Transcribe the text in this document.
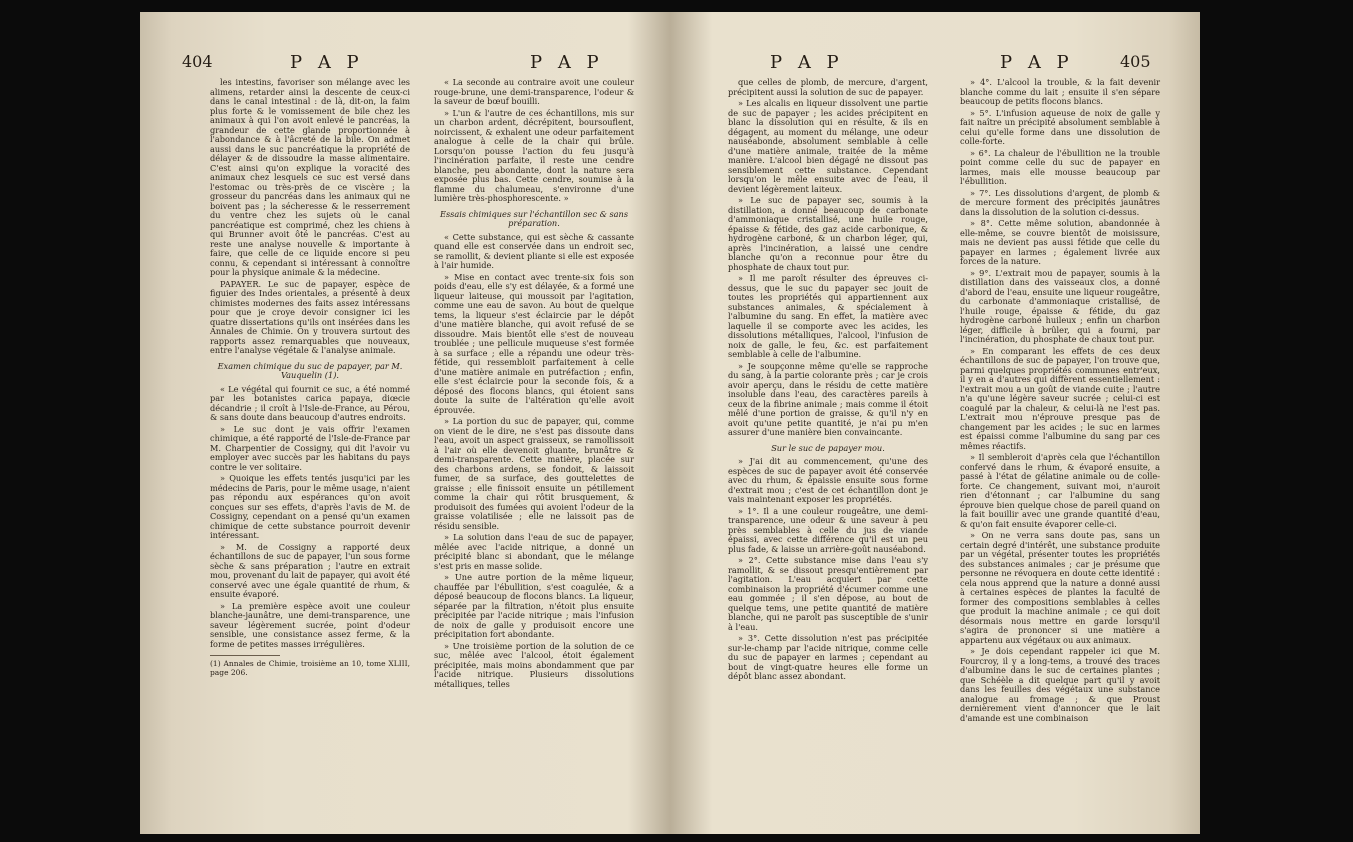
404	P A P	P A P

les intestins, favoriser son mélange avec les alimens, retarder ainsi la descente de ceux-ci dans le canal intestinal : de là, dit-on, la faim plus forte & le vomissement de bile chez les animaux à qui l'on avoit enlevé le pancréas, la grandeur de cette glande proportionnée à l'abondance & à l'âcreté de la bile. On admet aussi dans le suc pancréatique la propriété de délayer & de dissoudre la masse alimentaire. C'est ainsi qu'on explique la voracité des animaux chez lesquels ce suc est versé dans l'estomac ou très-près de ce viscère ; la grosseur du pancréas dans les animaux qui ne boivent pas ; la sécheresse & le resserrement du ventre chez les sujets où le canal pancréatique est comprimé, chez les chiens à qui Brunner avoit ôté le pancréas. C'est au reste une analyse nouvelle & importante à faire, que celle de ce liquide encore si peu connu, & cependant si intéressant à connoître pour la physique animale & la médecine.

PAPAYER. Le suc de papayer, espèce de figuier des Indes orientales, a présenté à deux chimistes modernes des faits assez intéressans pour que je croye devoir consigner ici les quatre dissertations qu'ils ont insérées dans les Annales de Chimie. On y trouvera surtout des rapports assez remarquables que nouveaux, entre l'analyse végétale & l'analyse animale.

Examen chimique du suc de papayer, par M. Vauquelin (1).

« Le végétal qui fournit ce suc, a été nommé par les botanistes carica papaya, diœcie décandrie ; il croît à l'Isle-de-France, au Pérou, & sans doute dans beaucoup d'autres endroits.

» Le suc dont je vais offrir l'examen chimique, a été rapporté de l'Isle-de-France par M. Charpentier de Cossigny, qui dit l'avoir vu employer avec succès par les habitans du pays contre le ver solitaire.

» Quoique les effets tentés jusqu'ici par les médecins de Paris, pour le même usage, n'aient pas répondu aux espérances qu'on avoit conçues sur ses effets, d'après l'avis de M. de Cossigny, cependant on a pensé qu'un examen chimique de cette substance pourroit devenir intéressant.

» M. de Cossigny a rapporté deux échantillons de suc de papayer, l'un sous forme sèche & sans préparation ; l'autre en extrait mou, provenant du lait de papayer, qui avoit été conservé avec une égale quantité de rhum, & ensuite évaporé.

» La première espèce avoit une couleur blanche-jaunâtre, une demi-transparence, une saveur légèrement sucrée, point d'odeur sensible, une consistance assez ferme, & la forme de petites masses irrégulières.

(1) Annales de Chimie, troisième an 10, tome XLIII, page 206.

« La seconde au contraire avoit une couleur rouge-brune, une demi-transparence, l'odeur & la saveur de bœuf bouilli.

» L'un & l'autre de ces échantillons, mis sur un charbon ardent, décrépitent, boursouflent, noircissent, & exhalent une odeur parfaitement analogue à celle de la chair qui brûle. Lorsqu'on pousse l'action du feu jusqu'à l'incinération parfaite, il reste une cendre blanche, peu abondante, dont la nature sera exposée plus bas. Cette cendre, soumise à la flamme du chalumeau, s'environne d'une lumière très-phosphorescente. »

Essais chimiques sur l'échantillon sec & sans préparation.

« Cette substance, qui est sèche & cassante quand elle est conservée dans un endroit sec, se ramollit, & devient pliante si elle est exposée à l'air humide.

» Mise en contact avec trente-six fois son poids d'eau, elle s'y est délayée, & a formé une liqueur laiteuse, qui moussoit par l'agitation, comme une eau de savon. Au bout de quelque tems, la liqueur s'est éclaircie par le dépôt d'une matière blanche, qui avoit refusé de se dissoudre. Mais bientôt elle s'est de nouveau troublée ; une pellicule muqueuse s'est formée à sa surface ; elle a répandu une odeur très-fétide, qui ressembloit parfaitement à celle d'une matière animale en putréfaction ; enfin, elle s'est éclaircie pour la seconde fois, & a déposé des flocons blancs, qui étoient sans doute la suite de l'altération qu'elle avoit éprouvée.

» La portion du suc de papayer, qui, comme on vient de le dire, ne s'est pas dissoute dans l'eau, avoit un aspect graisseux, se ramollissoit à l'air où elle devenoit gluante, brunâtre & demi-transparente. Cette matière, placée sur des charbons ardens, se fondoit, & laissoit fumer, de sa surface, des gouttelettes de graisse ; elle finissoit ensuite un pétillement comme la chair qui rôtit brusquement, & produisoit des fumées qui avoient l'odeur de la graisse volatilisée ; elle ne laissoit pas de résidu sensible.

» La solution dans l'eau de suc de papayer, mêlée avec l'acide nitrique, a donné un précipité blanc si abondant, que le mélange s'est pris en masse solide.

» Une autre portion de la même liqueur, chauffée par l'ébullition, s'est coagulée, & a déposé beaucoup de flocons blancs. La liqueur, séparée par la filtration, n'étoit plus ensuite précipitée par l'acide nitrique ; mais l'infusion de noix de galle y produisoit encore une précipitation fort abondante.

» Une troisième portion de la solution de ce suc, mêlée avec l'alcool, étoit également précipitée, mais moins abondamment que par l'acide nitrique. Plusieurs dissolutions métalliques, telles

P A P	P A P	405

que celles de plomb, de mercure, d'argent, précipitent aussi la solution de suc de papayer.

» Les alcalis en liqueur dissolvent une partie de suc de papayer ; les acides précipitent en blanc la dissolution qui en résulte, & ils en dégagent, au moment du mélange, une odeur nauséabonde, absolument semblable à celle d'une matière animale, traitée de la même manière. L'alcool bien dégagé ne dissout pas sensiblement cette substance. Cependant lorsqu'on le mêle ensuite avec de l'eau, il devient légèrement laiteux.

» Le suc de papayer sec, soumis à la distillation, a donné beaucoup de carbonate d'ammoniaque cristallisé, une huile rouge, épaisse & fétide, des gaz acide carbonique, & hydrogène carboné, & un charbon léger, qui, après l'incinération, a laissé une cendre blanche qu'on a reconnue pour être du phosphate de chaux tout pur.

» Il me paroît résulter des épreuves ci-dessus, que le suc du papayer sec jouit de toutes les propriétés qui appartiennent aux substances animales, & spécialement à l'albumine du sang. En effet, la matière avec laquelle il se comporte avec les acides, les dissolutions métalliques, l'alcool, l'infusion de noix de galle, le feu, &c. est parfaitement semblable à celle de l'albumine.

» Je soupçonne même qu'elle se rapproche du sang, à la partie colorante près ; car je crois avoir aperçu, dans le résidu de cette matière insoluble dans l'eau, des caractères pareils à ceux de la fibrine animale ; mais comme il étoit mêlé d'une portion de graisse, & qu'il n'y en avoit qu'une petite quantité, je n'ai pu m'en assurer d'une manière bien convaincante.

Sur le suc de papayer mou.

» J'ai dit au commencement, qu'une des espèces de suc de papayer avoit été conservée avec du rhum, & épaissie ensuite sous forme d'extrait mou ; c'est de cet échantillon dont je vais maintenant exposer les propriétés.

» 1°. Il a une couleur rougeâtre, une demi-transparence, une odeur & une saveur à peu près semblables à celle du jus de viande épaissi, avec cette différence qu'il est un peu plus fade, & laisse un arrière-goût nauséabond.

» 2°. Cette substance mise dans l'eau s'y ramollit, & se dissout presqu'entièrement par l'agitation. L'eau acquiert par cette combinaison la propriété d'écumer comme une eau gommée ; il s'en dépose, au bout de quelque tems, une petite quantité de matière blanche, qui ne paroît pas susceptible de s'unir à l'eau.

» 3°. Cette dissolution n'est pas précipitée sur-le-champ par l'acide nitrique, comme celle du suc de papayer en larmes ; cependant au bout de vingt-quatre heures elle forme un dépôt blanc assez abondant.

» 4°. L'alcool la trouble, & la fait devenir blanche comme du lait ; ensuite il s'en sépare beaucoup de petits flocons blancs.

» 5°. L'infusion aqueuse de noix de galle y fait naître un précipité absolument semblable à celui qu'elle forme dans une dissolution de colle-forte.

» 6°. La chaleur de l'ébullition ne la trouble point comme celle du suc de papayer en larmes, mais elle mousse beaucoup par l'ébullition.

» 7°. Les dissolutions d'argent, de plomb & de mercure forment des précipités jaunâtres dans la dissolution de la solution ci-dessus.

» 8°. Cette même solution, abandonnée à elle-même, se couvre bientôt de moisissure, mais ne devient pas aussi fétide que celle du papayer en larmes ; également livrée aux forces de la nature.

» 9°. L'extrait mou de papayer, soumis à la distillation dans des vaisseaux clos, a donné d'abord de l'eau, ensuite une liqueur rougeâtre, du carbonate d'ammoniaque cristallisé, de l'huile rouge, épaisse & fétide, du gaz hydrogène carboné huileux ; enfin un charbon léger, difficile à brûler, qui a fourni, par l'incinération, du phosphate de chaux tout pur.

» En comparant les effets de ces deux échantillons de suc de papayer, l'on trouve que, parmi quelques propriétés communes entr'eux, il y en a d'autres qui diffèrent essentiellement : l'extrait mou a un goût de viande cuite ; l'autre n'a qu'une légère saveur sucrée ; celui-ci est coagulé par la chaleur, & celui-là ne l'est pas. L'extrait mou n'éprouve presque pas de changement par les acides ; le suc en larmes est épaissi comme l'albumine du sang par ces mêmes réactifs.

» Il sembleroit d'après cela que l'échantillon confervé dans le rhum, & évaporé ensuite, a passé à l'état de gélatine animale ou de colle-forte. Ce changement, suivant moi, n'auroit rien d'étonnant ; car l'albumine du sang éprouve bien quelque chose de pareil quand on la fait bouillir avec une grande quantité d'eau, & qu'on fait ensuite évaporer celle-ci.

» On ne verra sans doute pas, sans un certain degré d'intérêt, une substance produite par un végétal, présenter toutes les propriétés des substances animales ; car je présume que personne ne révoquera en doute cette identité : cela nous apprend que la nature a donné aussi à certaines espèces de plantes la faculté de former des compositions semblables à celles que produit la machine animale ; ce qui doit désormais nous mettre en garde lorsqu'il s'agira de prononcer si une matière a appartenu aux végétaux ou aux animaux.

» Je dois cependant rappeler ici que M. Fourcroy, il y a long-tems, a trouvé des traces d'albumine dans le suc de certaines plantes ; que Schéèle a dit quelque part qu'il y avoit dans les feuilles des végétaux une substance analogue au fromage ; & que Proust dernièrement vient d'annoncer que le lait d'amande est une combinaison
